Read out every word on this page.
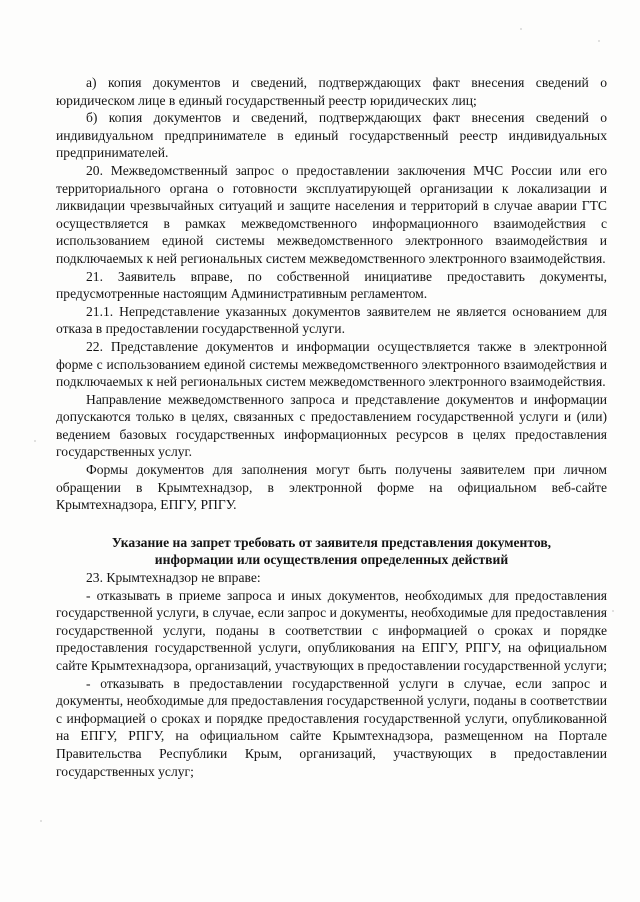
а) копия документов и сведений, подтверждающих факт внесения сведений о юридическом лице в единый государственный реестр юридических лиц;

б) копия документов и сведений, подтверждающих факт внесения сведений о индивидуальном предпринимателе в единый государственный реестр индивидуальных предпринимателей.

20. Межведомственный запрос о предоставлении заключения МЧС России или его территориального органа о готовности эксплуатирующей организации к локализации и ликвидации чрезвычайных ситуаций и защите населения и территорий в случае аварии ГТС осуществляется в рамках межведомственного информационного взаимодействия с использованием единой системы межведомственного электронного взаимодействия и подключаемых к ней региональных систем межведомственного электронного взаимодействия.

21. Заявитель вправе, по собственной инициативе предоставить документы, предусмотренные настоящим Административным регламентом.

21.1. Непредставление указанных документов заявителем не является основанием для отказа в предоставлении государственной услуги.

22. Представление документов и информации осуществляется также в электронной форме с использованием единой системы межведомственного электронного взаимодействия и подключаемых к ней региональных систем межведомственного электронного взаимодействия.

Направление межведомственного запроса и представление документов и информации допускаются только в целях, связанных с предоставлением государственной услуги и (или) ведением базовых государственных информационных ресурсов в целях предоставления государственных услуг.

Формы документов для заполнения могут быть получены заявителем при личном обращении в Крымтехнадзор, в электронной форме на официальном веб-сайте Крымтехнадзора, ЕПГУ, РПГУ.

Указание на запрет требовать от заявителя представления документов,
информации или осуществления определенных действий

23. Крымтехнадзор не вправе:

- отказывать в приеме запроса и иных документов, необходимых для предоставления государственной услуги, в случае, если запрос и документы, необходимые для предоставления государственной услуги, поданы в соответствии с информацией о сроках и порядке предоставления государственной услуги, опубликования на ЕПГУ, РПГУ, на официальном сайте Крымтехнадзора, организаций, участвующих в предоставлении государственной услуги;

- отказывать в предоставлении государственной услуги в случае, если запрос и документы, необходимые для предоставления государственной услуги, поданы в соответствии с информацией о сроках и порядке предоставления государственной услуги, опубликованной на ЕПГУ, РПГУ, на официальном сайте Крымтехнадзора, размещенном на Портале Правительства Республики Крым, организаций, участвующих в предоставлении государственных услуг;
